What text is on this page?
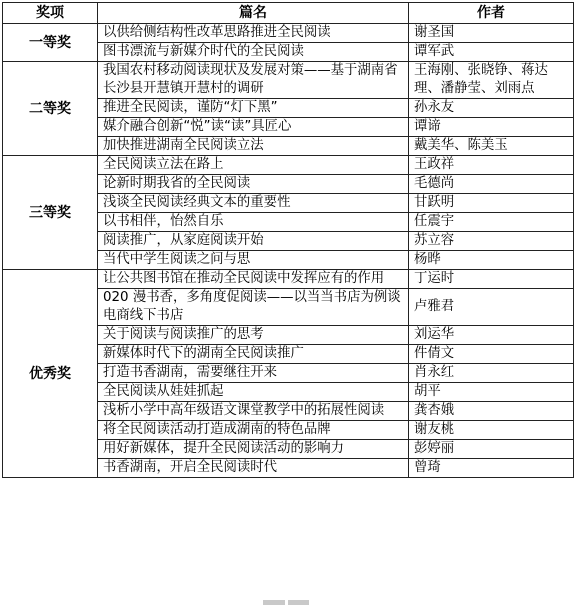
奖项	篇名	作者
一等奖	以供给侧结构性改革思路推进全民阅读	谢圣国
	图书漂流与新媒介时代的全民阅读	谭军武
二等奖	我国农村移动阅读现状及发展对策——基于湖南省长沙县开慧镇开慧村的调研	王海刚、张晓铮、蒋达理、潘静莹、刘雨点
	推进全民阅读，谨防“灯下黑”	孙永友
	媒介融合创新“悦”读“读”具匠心	谭谛
	加快推进湖南全民阅读立法	戴美华、陈美玉
三等奖	全民阅读立法在路上	王政祥
	论新时期我省的全民阅读	毛德尚
	浅谈全民阅读经典文本的重要性	甘跃明
	以书相伴，怡然自乐	任震宇
	阅读推广，从家庭阅读开始	苏立容
	当代中学生阅读之问与思	杨晔
优秀奖	让公共图书馆在推动全民阅读中发挥应有的作用	丁运时
	020 漫书香，多角度促阅读——以当当书店为例谈电商线下书店	卢雅君
	关于阅读与阅读推广的思考	刘运华
	新媒体时代下的湖南全民阅读推广	件倩文
	打造书香湖南，需要继往开来	肖永红
	全民阅读从娃娃抓起	胡平
	浅析小学中高年级语文课堂教学中的拓展性阅读	龚杏娥
	将全民阅读活动打造成湖南的特色品牌	谢友桃
	用好新媒体，提升全民阅读活动的影响力	彭婷丽
	书香湖南，开启全民阅读时代	曾琦
